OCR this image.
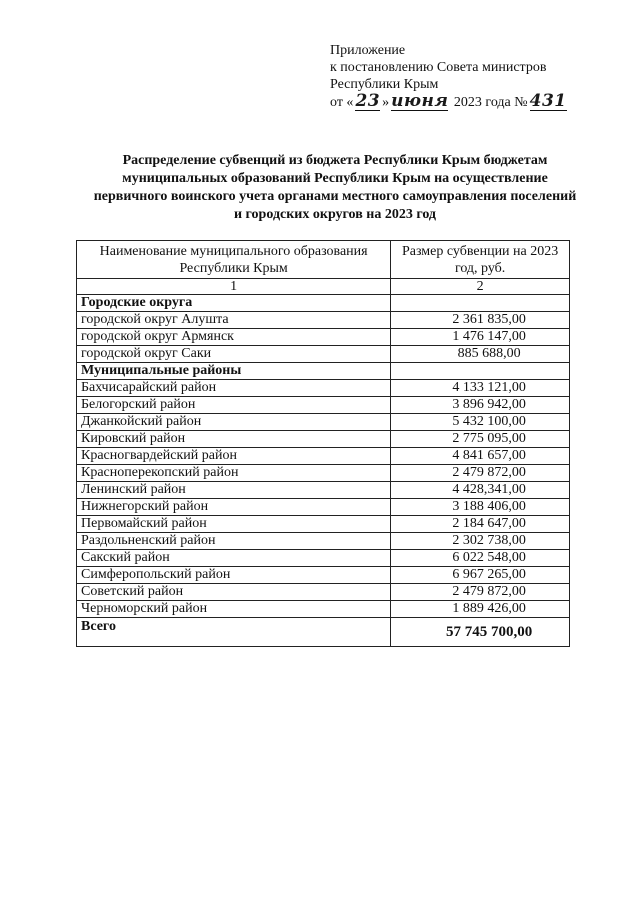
Приложение
к постановлению Совета министров
Республики Крым
от « 23 » июня 2023 года № 431
Распределение субвенций из бюджета Республики Крым бюджетам муниципальных образований Республики Крым на осуществление первичного воинского учета органами местного самоуправления поселений и городских округов на 2023 год
Наименование муниципального образования Республики Крым	Размер субвенции на 2023 год, руб.
1	2
Городские округа	
городской округ Алушта	2 361 835,00
городской округ Армянск	1 476 147,00
городской округ Саки	885 688,00
Муниципальные районы	
Бахчисарайский район	4 133 121,00
Белогорский район	3 896 942,00
Джанкойский район	5 432 100,00
Кировский район	2 775 095,00
Красногвардейский район	4 841 657,00
Красноперекопский район	2 479 872,00
Ленинский район	4 428,341,00
Нижнегорский район	3 188 406,00
Первомайский район	2 184 647,00
Раздольненский район	2 302 738,00
Сакский район	6 022 548,00
Симферопольский район	6 967 265,00
Советский район	2 479 872,00
Черноморский район	1 889 426,00
Всего	57 745 700,00
